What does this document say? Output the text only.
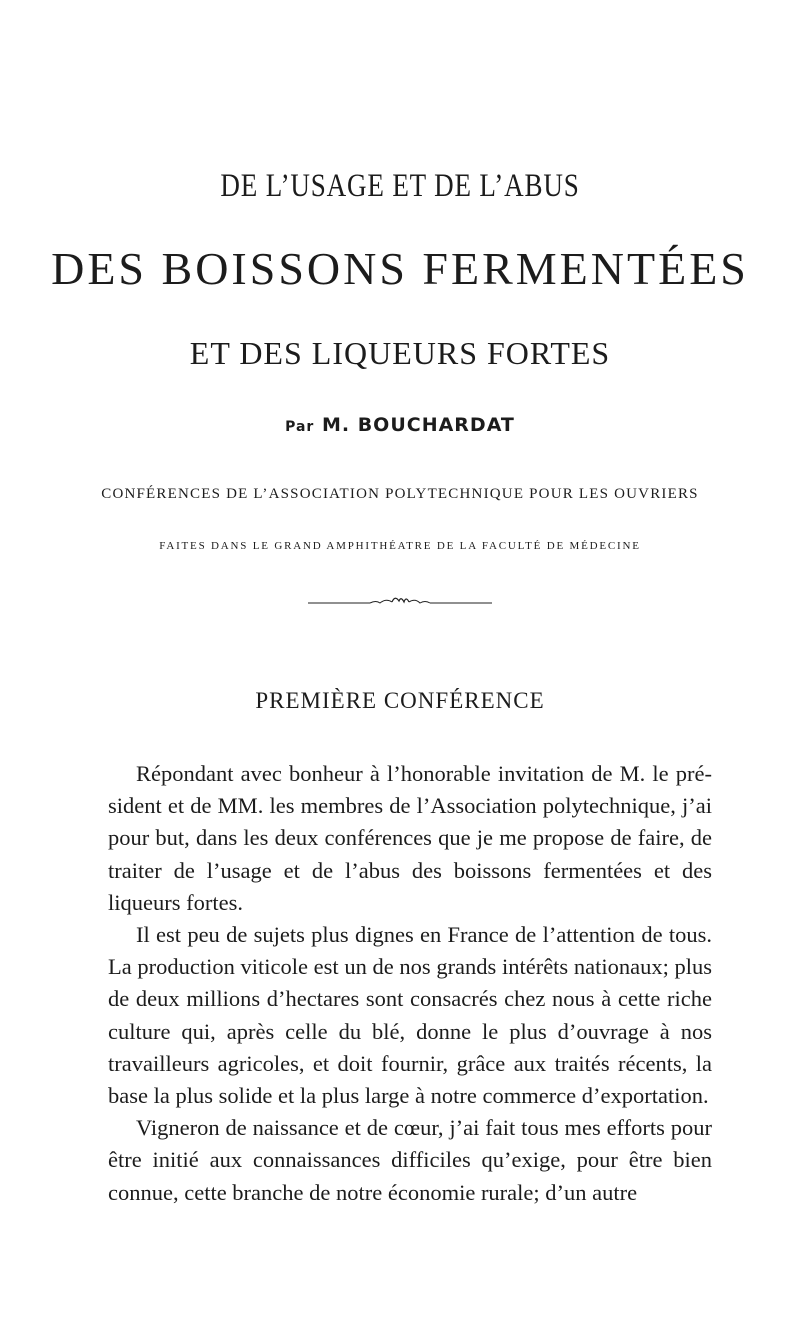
DE L’USAGE ET DE L’ABUS
DES BOISSONS FERMENTÉES
ET DES LIQUEURS FORTES
Par M. BOUCHARDAT
CONFÉRENCES DE L’ASSOCIATION POLYTECHNIQUE POUR LES OUVRIERS
FAITES DANS LE GRAND AMPHITHÉATRE DE LA FACULTÉ DE MÉDECINE
PREMIÈRE CONFÉRENCE

Répondant avec bonheur à l’honorable invitation de M. le président et de MM. les membres de l’Association polytechnique, j’ai pour but, dans les deux conférences que je me propose de faire, de traiter de l’usage et de l’abus des boissons fermentées et des liqueurs fortes.

Il est peu de sujets plus dignes en France de l’attention de tous. La production viticole est un de nos grands intérêts nationaux; plus de deux millions d’hectares sont consacrés chez nous à cette riche culture qui, après celle du blé, donne le plus d’ouvrage à nos travailleurs agricoles, et doit fournir, grâce aux traités récents, la base la plus solide et la plus large à notre commerce d’exportation.

Vigneron de naissance et de cœur, j’ai fait tous mes efforts pour être initié aux connaissances difficiles qu’exige, pour être bien connue, cette branche de notre économie rurale; d’un autre
